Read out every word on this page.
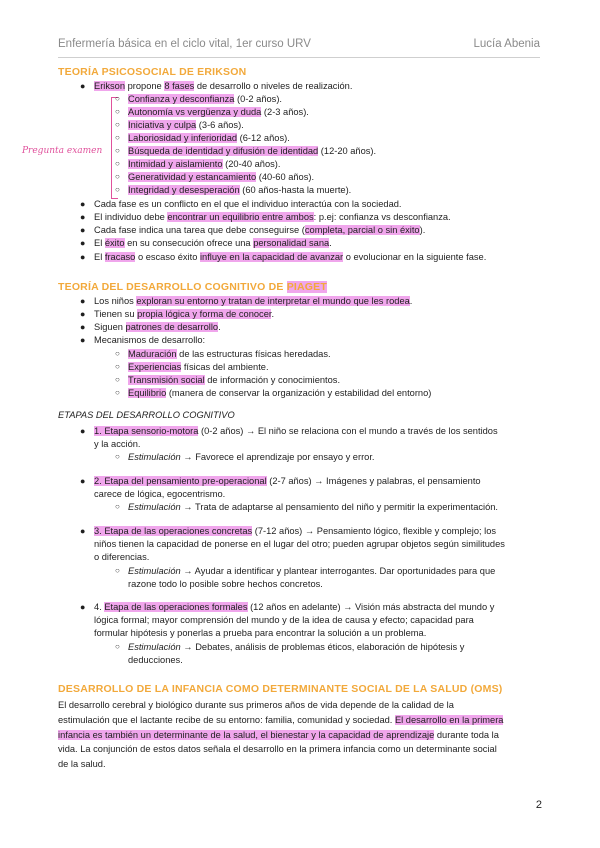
Enfermería básica en el ciclo vital, 1er curso URV	Lucía Abenia
TEORÍA PSICOSOCIAL DE ERIKSON
● Erikson propone 8 fases de desarrollo o niveles de realización.
Pregunta examen
○ Confianza y desconfianza (0-2 años).
○ Autonomía vs vergüenza y duda (2-3 años).
○ Iniciativa y culpa (3-6 años).
○ Laboriosidad y inferioridad (6-12 años).
○ Búsqueda de identidad y difusión de identidad (12-20 años).
○ Intimidad y aislamiento (20-40 años).
○ Generatividad y estancamiento (40-60 años).
○ Integridad y desesperación (60 años-hasta la muerte).
● Cada fase es un conflicto en el que el individuo interactúa con la sociedad.
● El individuo debe encontrar un equilibrio entre ambos: p.ej: confianza vs desconfianza.
● Cada fase indica una tarea que debe conseguirse (completa, parcial o sin éxito).
● El éxito en su consecución ofrece una personalidad sana.
● El fracaso o escaso éxito influye en la capacidad de avanzar o evolucionar en la siguiente fase.
TEORÍA DEL DESARROLLO COGNITIVO DE PIAGET
● Los niños exploran su entorno y tratan de interpretar el mundo que les rodea.
● Tienen su propia lógica y forma de conocer.
● Siguen patrones de desarrollo.
● Mecanismos de desarrollo:
○ Maduración de las estructuras físicas heredadas.
○ Experiencias físicas del ambiente.
○ Transmisión social de información y conocimientos.
○ Equilibrio (manera de conservar la organización y estabilidad del entorno)
ETAPAS DEL DESARROLLO COGNITIVO
● 1. Etapa sensorio-motora (0-2 años) → El niño se relaciona con el mundo a través de los sentidos
y la acción.
○ Estimulación → Favorece el aprendizaje por ensayo y error.
● 2. Etapa del pensamiento pre-operacional (2-7 años) → Imágenes y palabras, el pensamiento
carece de lógica, egocentrismo.
○ Estimulación → Trata de adaptarse al pensamiento del niño y permitir la experimentación.
● 3. Etapa de las operaciones concretas (7-12 años) → Pensamiento lógico, flexible y complejo; los
niños tienen la capacidad de ponerse en el lugar del otro; pueden agrupar objetos según similitudes
o diferencias.
○ Estimulación → Ayudar a identificar y plantear interrogantes. Dar oportunidades para que
razone todo lo posible sobre hechos concretos.
● 4. Etapa de las operaciones formales (12 años en adelante) → Visión más abstracta del mundo y
lógica formal; mayor comprensión del mundo y de la idea de causa y efecto; capacidad para
formular hipótesis y ponerlas a prueba para encontrar la solución a un problema.
○ Estimulación → Debates, análisis de problemas éticos, elaboración de hipótesis y
deducciones.
DESARROLLO DE LA INFANCIA COMO DETERMINANTE SOCIAL DE LA SALUD (OMS)
El desarrollo cerebral y biológico durante sus primeros años de vida depende de la calidad de la
estimulación que el lactante recibe de su entorno: familia, comunidad y sociedad. El desarrollo en la primera
infancia es también un determinante de la salud, el bienestar y la capacidad de aprendizaje durante toda la
vida. La conjunción de estos datos señala el desarrollo en la primera infancia como un determinante social
de la salud.
2
